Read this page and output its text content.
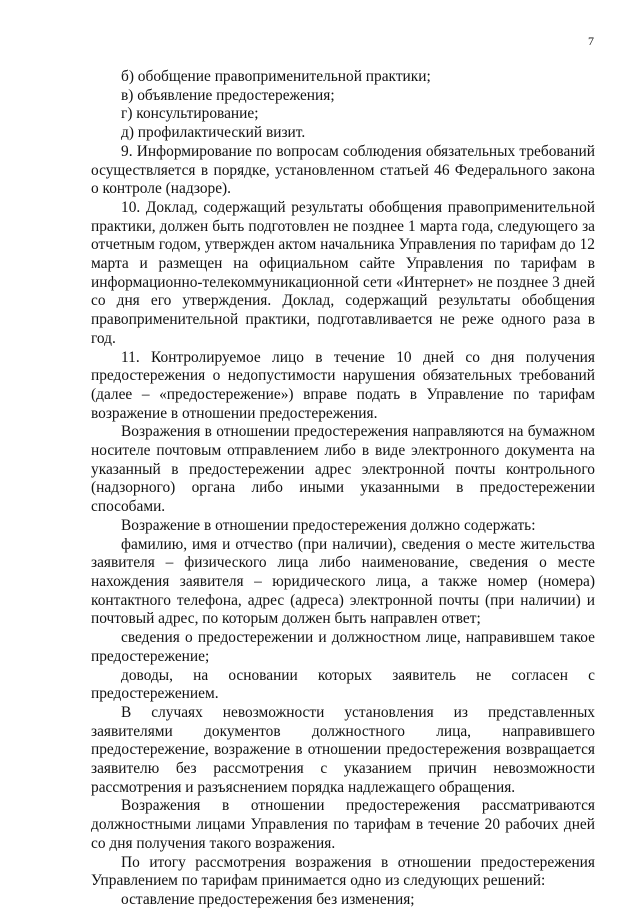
7

б) обобщение правоприменительной практики;

в) объявление предостережения;

г) консультирование;

д) профилактический визит.

9. Информирование по вопросам соблюдения обязательных требований осуществляется в порядке, установленном статьей 46 Федерального закона о контроле (надзоре).

10. Доклад, содержащий результаты обобщения правоприменительной практики, должен быть подготовлен не позднее 1 марта года, следующего за отчетным годом, утвержден актом начальника Управления по тарифам до 12 марта и размещен на официальном сайте Управления по тарифам в информационно-телекоммуникационной сети «Интернет» не позднее 3 дней со дня его утверждения. Доклад, содержащий результаты обобщения правоприменительной практики, подготавливается не реже одного раза в год.

11. Контролируемое лицо в течение 10 дней со дня получения предостережения о недопустимости нарушения обязательных требований (далее – «предостережение») вправе подать в Управление по тарифам возражение в отношении предостережения.

Возражения в отношении предостережения направляются на бумажном носителе почтовым отправлением либо в виде электронного документа на указанный в предостережении адрес электронной почты контрольного (надзорного) органа либо иными указанными в предостережении способами.

Возражение в отношении предостережения должно содержать:

фамилию, имя и отчество (при наличии), сведения о месте жительства заявителя – физического лица либо наименование, сведения о месте нахождения заявителя – юридического лица, а также номер (номера) контактного телефона, адрес (адреса) электронной почты (при наличии) и почтовый адрес, по которым должен быть направлен ответ;

сведения о предостережении и должностном лице, направившем такое предостережение;

доводы, на основании которых заявитель не согласен с предостережением.

В случаях невозможности установления из представленных заявителями документов должностного лица, направившего предостережение, возражение в отношении предостережения возвращается заявителю без рассмотрения с указанием причин невозможности рассмотрения и разъяснением порядка надлежащего обращения.

Возражения в отношении предостережения рассматриваются должностными лицами Управления по тарифам в течение 20 рабочих дней со дня получения такого возражения.

По итогу рассмотрения возражения в отношении предостережения Управлением по тарифам принимается одно из следующих решений:

оставление предостережения без изменения;
